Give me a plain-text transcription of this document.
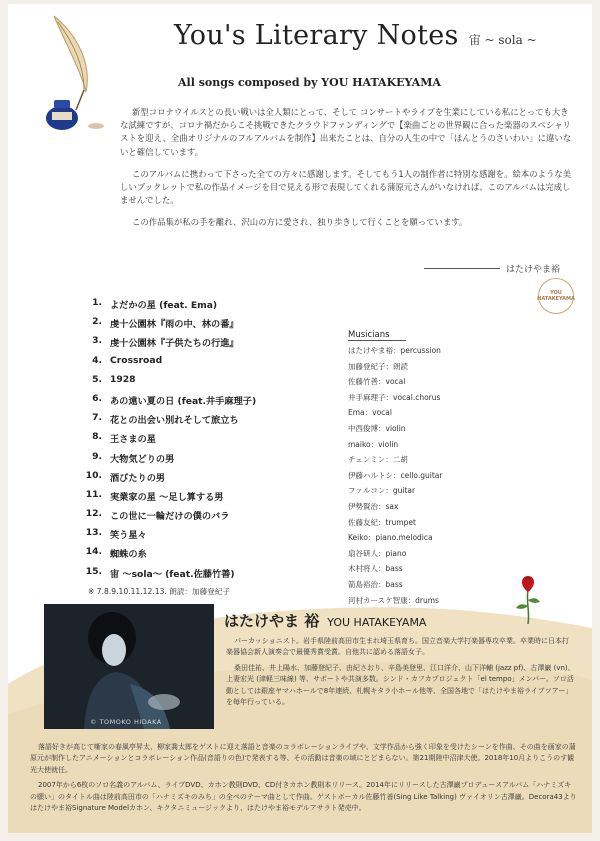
You's Literary Notes 宙 ~ sola ~
All songs composed by YOU HATAKEYAMA

新型コロナウイルスとの長い戦いは全人類にとって、そして コンサートやライブを生業にしている私にとっても大きな試練ですが、コロナ禍だからこそ挑戦できたクラウドファンディングで【楽曲ごとの世界観に合った楽器のスペシャリストを迎え、全曲オリジナルのフルアルバムを制作】出来たことは、自分の人生の中で「ほんとうのさいわい」に違いないと確信しています。

このアルバムに携わって下さった全ての方々に感謝します。そしてもう1人の制作者に特別な感謝を。絵本のような美しいブックレットで私の作品イメージを目で見える形で表現してくれる蒲原元さんがいなければ、このアルバムは完成しませんでした。

この作品集が私の手を離れ、沢山の方に愛され、独り歩きして行くことを願っています。

はたけやま裕
YOU
HATAKEYAMA
1. よだかの星 (feat. Ema)
2. 虔十公園林『雨の中、林の番』
3. 虔十公園林『子供たちの行進』
4. Crossroad
5. 1928
6. あの遠い夏の日 (feat.井手麻理子)
7. 花との出会い別れそして旅立ち
8. 王さまの星
9. 大物気どりの男
10. 酒びたりの男
11. 実業家の星 〜足し算する男
12. この世に一輪だけの僕のバラ
13. 笑う星々
14. 蜘蛛の糸
15. 宙 〜sola〜 (feat.佐藤竹善)
Musicians
はたけやま裕：percussion
加藤登紀子：朗読
佐藤竹善：vocal
井手麻理子：vocal.chorus
Ema：vocal
中西俊博：violin
maiko：violin
チェンミン：二胡
伊藤ハルトシ：cello.guitar
ファルコン：guitar
伊勢賢治：sax
佐藤友紀：trumpet
Keiko：piano.melodica
扇谷研人：piano
木村将人：bass
箭島裕治：bass
河村カースケ智康：drums
© TOMOKO HIDAKA
はたけやま 裕 YOU HATAKEYAMA

パーカッショニスト。岩手県陸前高田市生まれ埼玉県育ち。国立音楽大学打楽器専攻卒業。卒業時に日本打楽器協会新人演奏会で最優秀賞受賞。自他共に認める落語女子。

桑田佳祐、井上陽水、加藤登紀子、由紀さおり、辛島美登里、江口洋介、山下洋輔 (jazz pf)、古澤巌 (vn)、上妻宏光 (津軽三味線) 等、サポートや共演多数。シンド・カフカプロジェクト「el tempo」メンバー。ソロ活動としては銀座ヤマハホールで8年連続、札幌キタラ小ホール他等、全国各地で「はたけやま裕ライブツアー」を毎年行っている。

※ 7.8.9.10.11.12.13. 朗読：加藤登紀子

落語好きが高じて噺家の春風亭昇太、柳家喬太郎をゲストに迎え落語と音楽のコラボレーションライブや、文学作品から強く印象を受けたシーンを作曲、その曲を画家の蒲原元が制作したアニメーションとコラボレーション作品(音語りの色)で発表する等、その活動は音楽の域にとどまらない。第21期陸中沼津大使。2018年10月よりこうのす観光大使就任。

2007年から6枚のソロ名義のアルバム、ライブDVD、カホン教則DVD、CD付きカホン教則本リリース。2014年にリリースした古澤巌プロデュースアルバム「ハナミズキの願い」のタイトル曲は陸前高田市の「ハナミズキのみち」の全ペのテーマ曲として作曲。ゲストボーカル佐藤竹善(Sing Like Talking) ヴァイオリン古澤巌。Decora43よりはたけやま裕Signature Modelカホン、キクタニミュージックより、はたけやま裕モデルアサラト発売中。
